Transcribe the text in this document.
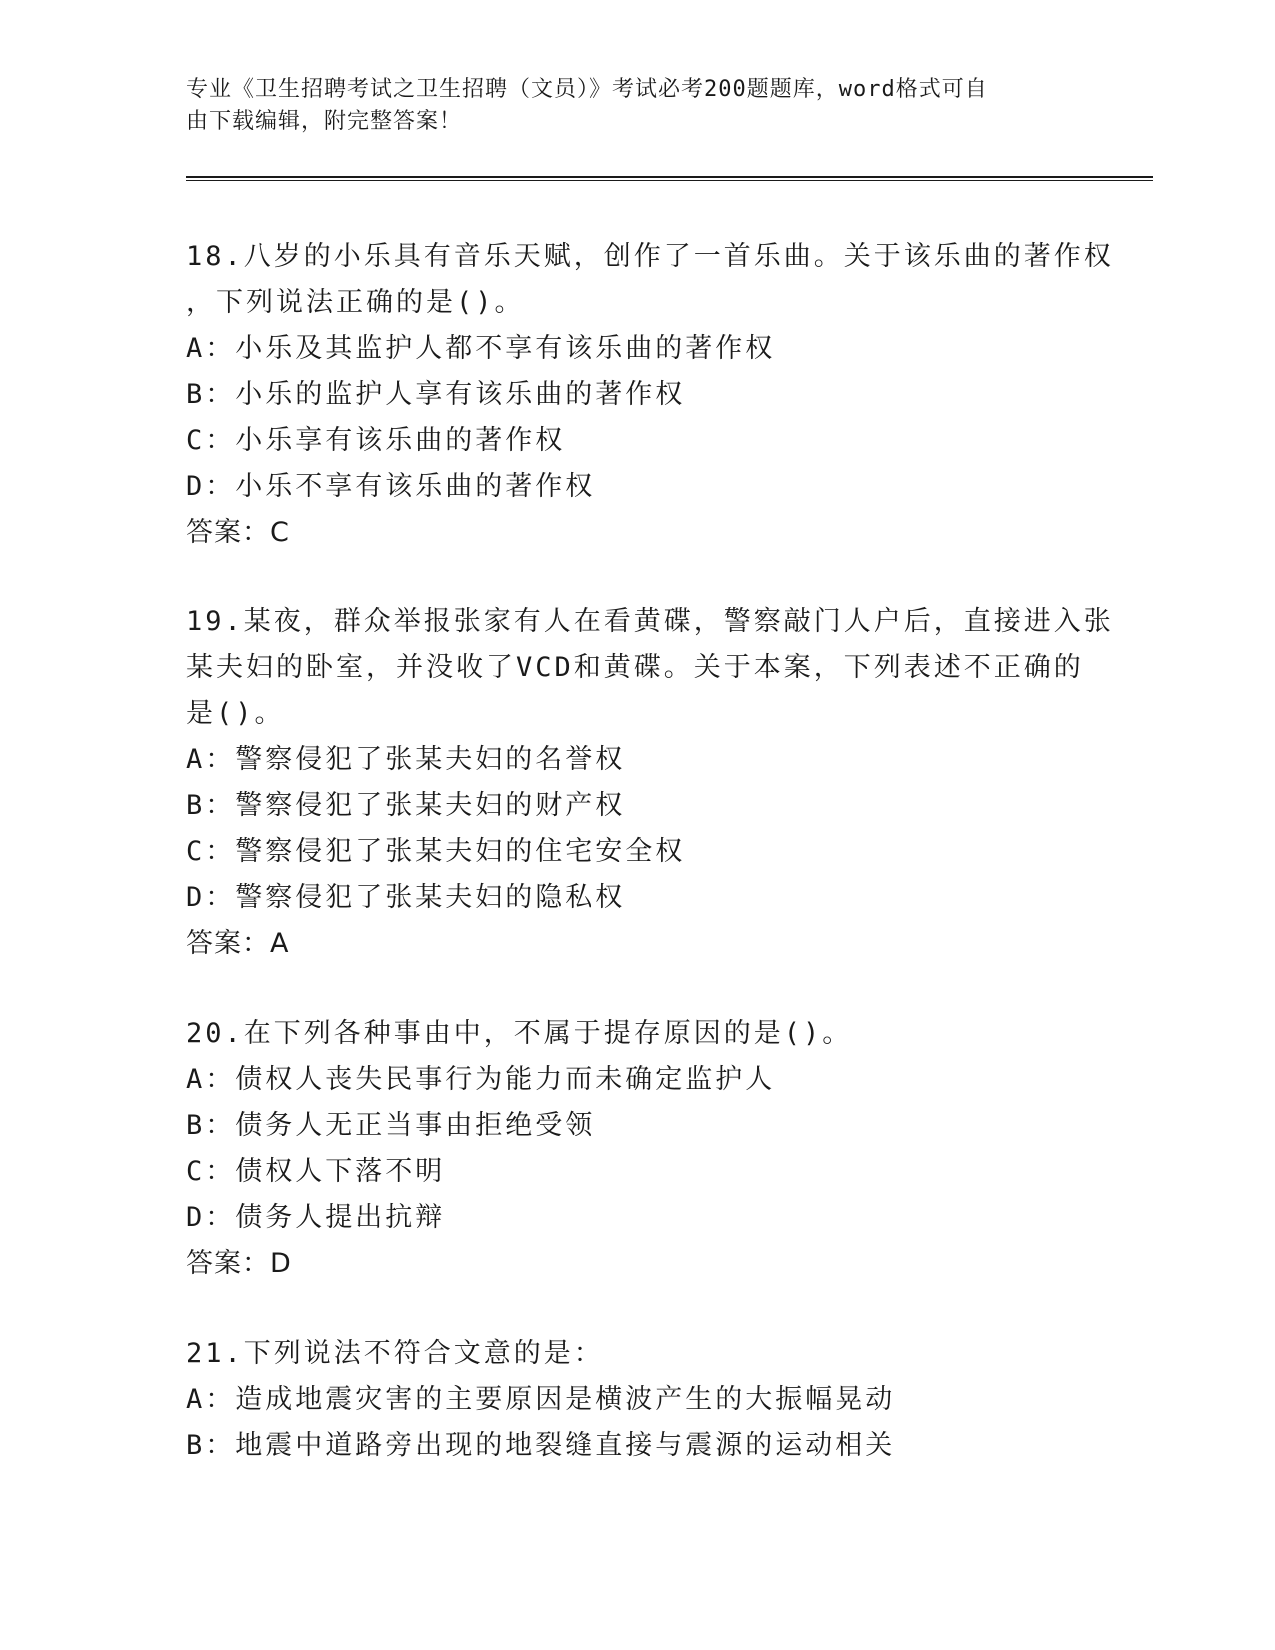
专业《卫生招聘考试之卫生招聘（文员）》考试必考200题题库，word格式可自
由下载编辑，附完整答案！
18.八岁的小乐具有音乐天赋，创作了一首乐曲。关于该乐曲的著作权
，下列说法正确的是()。
A：小乐及其监护人都不享有该乐曲的著作权
B：小乐的监护人享有该乐曲的著作权
C：小乐享有该乐曲的著作权
D：小乐不享有该乐曲的著作权
答案：C
19.某夜，群众举报张家有人在看黄碟，警察敲门人户后，直接进入张
某夫妇的卧室，并没收了VCD和黄碟。关于本案，下列表述不正确的
是()。
A：警察侵犯了张某夫妇的名誉权
B：警察侵犯了张某夫妇的财产权
C：警察侵犯了张某夫妇的住宅安全权
D：警察侵犯了张某夫妇的隐私权
答案：A
20.在下列各种事由中，不属于提存原因的是()。
A：债权人丧失民事行为能力而未确定监护人
B：债务人无正当事由拒绝受领
C：债权人下落不明
D：债务人提出抗辩
答案：D
21.下列说法不符合文意的是：
A：造成地震灾害的主要原因是横波产生的大振幅晃动
B：地震中道路旁出现的地裂缝直接与震源的运动相关
